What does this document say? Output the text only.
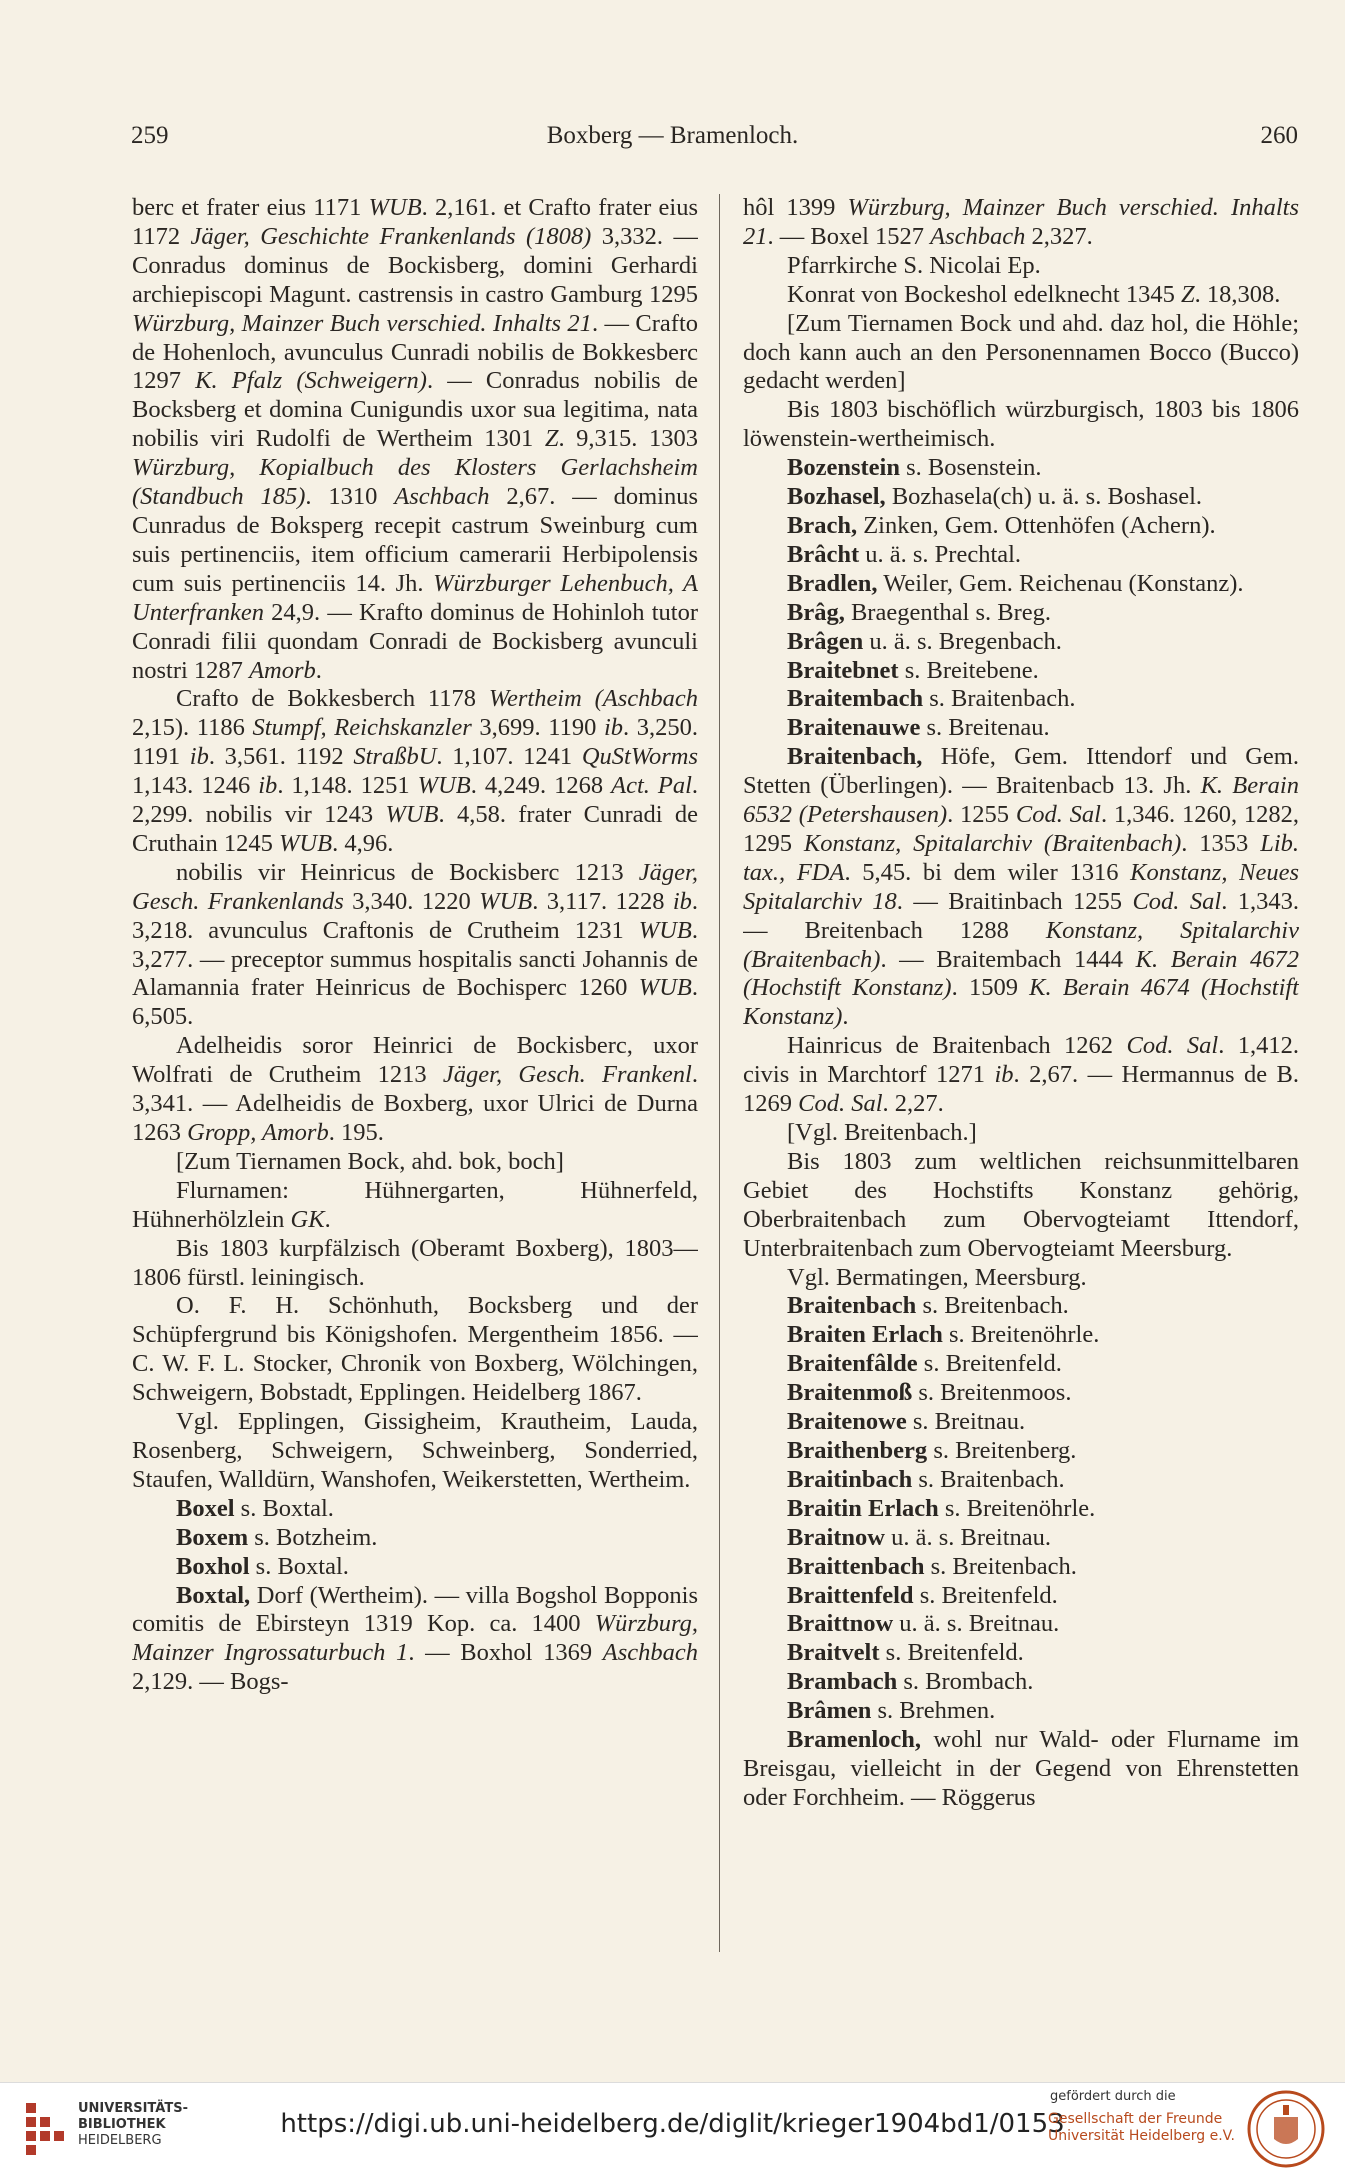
259	Boxberg — Bramenloch.	260

berc et frater eius 1171 WUB. 2,161. et Crafto frater eius 1172 Jäger, Geschichte Frankenlands (1808) 3,332. — Conradus dominus de Bockisberg, domini Gerhardi archiepiscopi Magunt. castrensis in castro Gamburg 1295 Würzburg, Mainzer Buch verschied. Inhalts 21. — Crafto de Hohenloch, avunculus Cunradi nobilis de Bokkesberc 1297 K. Pfalz (Schweigern). — Conradus nobilis de Bocksberg et domina Cunigundis uxor sua legitima, nata nobilis viri Rudolfi de Wertheim 1301 Z. 9,315. 1303 Würzburg, Kopialbuch des Klosters Gerlachsheim (Standbuch 185). 1310 Aschbach 2,67. — dominus Cunradus de Boksperg recepit castrum Sweinburg cum suis pertinenciis, item officium camerarii Herbipolensis cum suis pertinenciis 14. Jh. Würzburger Lehenbuch, A Unterfranken 24,9. — Krafto dominus de Hohinloh tutor Conradi filii quondam Conradi de Bockisberg avunculi nostri 1287 Amorb.

Crafto de Bokkesberch 1178 Wertheim (Aschbach 2,15). 1186 Stumpf, Reichskanzler 3,699. 1190 ib. 3,250. 1191 ib. 3,561. 1192 StraßbU. 1,107. 1241 QuStWorms 1,143. 1246 ib. 1,148. 1251 WUB. 4,249. 1268 Act. Pal. 2,299. nobilis vir 1243 WUB. 4,58. frater Cunradi de Cruthain 1245 WUB. 4,96.

nobilis vir Heinricus de Bockisberc 1213 Jäger, Gesch. Frankenlands 3,340. 1220 WUB. 3,117. 1228 ib. 3,218. avunculus Craftonis de Crutheim 1231 WUB. 3,277. — preceptor summus hospitalis sancti Johannis de Alamannia frater Heinricus de Bochisperc 1260 WUB. 6,505.

Adelheidis soror Heinrici de Bockisberc, uxor Wolfrati de Crutheim 1213 Jäger, Gesch. Frankenl. 3,341. — Adelheidis de Boxberg, uxor Ulrici de Durna 1263 Gropp, Amorb. 195.

[Zum Tiernamen Bock, ahd. bok, boch]

Flurnamen: Hühnergarten, Hühnerfeld, Hühnerhölzlein GK.

Bis 1803 kurpfälzisch (Oberamt Boxberg), 1803—1806 fürstl. leiningisch.

O. F. H. Schönhuth, Bocksberg und der Schüpfergrund bis Königshofen. Mergentheim 1856. — C. W. F. L. Stocker, Chronik von Boxberg, Wölchingen, Schweigern, Bobstadt, Epplingen. Heidelberg 1867.

Vgl. Epplingen, Gissigheim, Krautheim, Lauda, Rosenberg, Schweigern, Schweinberg, Sonderried, Staufen, Walldürn, Wanshofen, Weikerstetten, Wertheim.

Boxel s. Boxtal.

Boxem s. Botzheim.

Boxhol s. Boxtal.

Boxtal, Dorf (Wertheim). — villa Bogshol Bopponis comitis de Ebirsteyn 1319 Kop. ca. 1400 Würzburg, Mainzer Ingrossaturbuch 1. — Boxhol 1369 Aschbach 2,129. — Bogs-

hôl 1399 Würzburg, Mainzer Buch verschied. Inhalts 21. — Boxel 1527 Aschbach 2,327.

Pfarrkirche S. Nicolai Ep.

Konrat von Bockeshol edelknecht 1345 Z. 18,308.

[Zum Tiernamen Bock und ahd. daz hol, die Höhle; doch kann auch an den Personennamen Bocco (Bucco) gedacht werden]

Bis 1803 bischöflich würzburgisch, 1803 bis 1806 löwenstein-wertheimisch.

Bozenstein s. Bosenstein.

Bozhasel, Bozhasela(ch) u. ä. s. Boshasel.

Brach, Zinken, Gem. Ottenhöfen (Achern).

Brâcht u. ä. s. Prechtal.

Bradlen, Weiler, Gem. Reichenau (Konstanz).

Brâg, Braegenthal s. Breg.

Brâgen u. ä. s. Bregenbach.

Braitebnet s. Breitebene.

Braitembach s. Braitenbach.

Braitenauwe s. Breitenau.

Braitenbach, Höfe, Gem. Ittendorf und Gem. Stetten (Überlingen). — Braitenbacb 13. Jh. K. Berain 6532 (Petershausen). 1255 Cod. Sal. 1,346. 1260, 1282, 1295 Konstanz, Spitalarchiv (Braitenbach). 1353 Lib. tax., FDA. 5,45. bi dem wiler 1316 Konstanz, Neues Spitalarchiv 18. — Braitinbach 1255 Cod. Sal. 1,343. — Breitenbach 1288 Konstanz, Spitalarchiv (Braitenbach). — Braitembach 1444 K. Berain 4672 (Hochstift Konstanz). 1509 K. Berain 4674 (Hochstift Konstanz).

Hainricus de Braitenbach 1262 Cod. Sal. 1,412. civis in Marchtorf 1271 ib. 2,67. — Hermannus de B. 1269 Cod. Sal. 2,27.

[Vgl. Breitenbach.]

Bis 1803 zum weltlichen reichsunmittelbaren Gebiet des Hochstifts Konstanz gehörig, Oberbraitenbach zum Obervogteiamt Ittendorf, Unterbraitenbach zum Obervogteiamt Meersburg.

Vgl. Bermatingen, Meersburg.

Braitenbach s. Breitenbach.

Braiten Erlach s. Breitenöhrle.

Braitenfâlde s. Breitenfeld.

Braitenmoß s. Breitenmoos.

Braitenowe s. Breitnau.

Braithenberg s. Breitenberg.

Braitinbach s. Braitenbach.

Braitin Erlach s. Breitenöhrle.

Braitnow u. ä. s. Breitnau.

Braittenbach s. Breitenbach.

Braittenfeld s. Breitenfeld.

Braittnow u. ä. s. Breitnau.

Braitvelt s. Breitenfeld.

Brambach s. Brombach.

Brâmen s. Brehmen.

Bramenloch, wohl nur Wald- oder Flurname im Breisgau, vielleicht in der Gegend von Ehrenstetten oder Forchheim. — Röggerus

UNIVERSITÄTS-
BIBLIOTHEK
HEIDELBERG
https://digi.ub.uni-heidelberg.de/diglit/krieger1904bd1/0153
gefördert durch die
Gesellschaft der Freunde
Universität Heidelberg e.V.
